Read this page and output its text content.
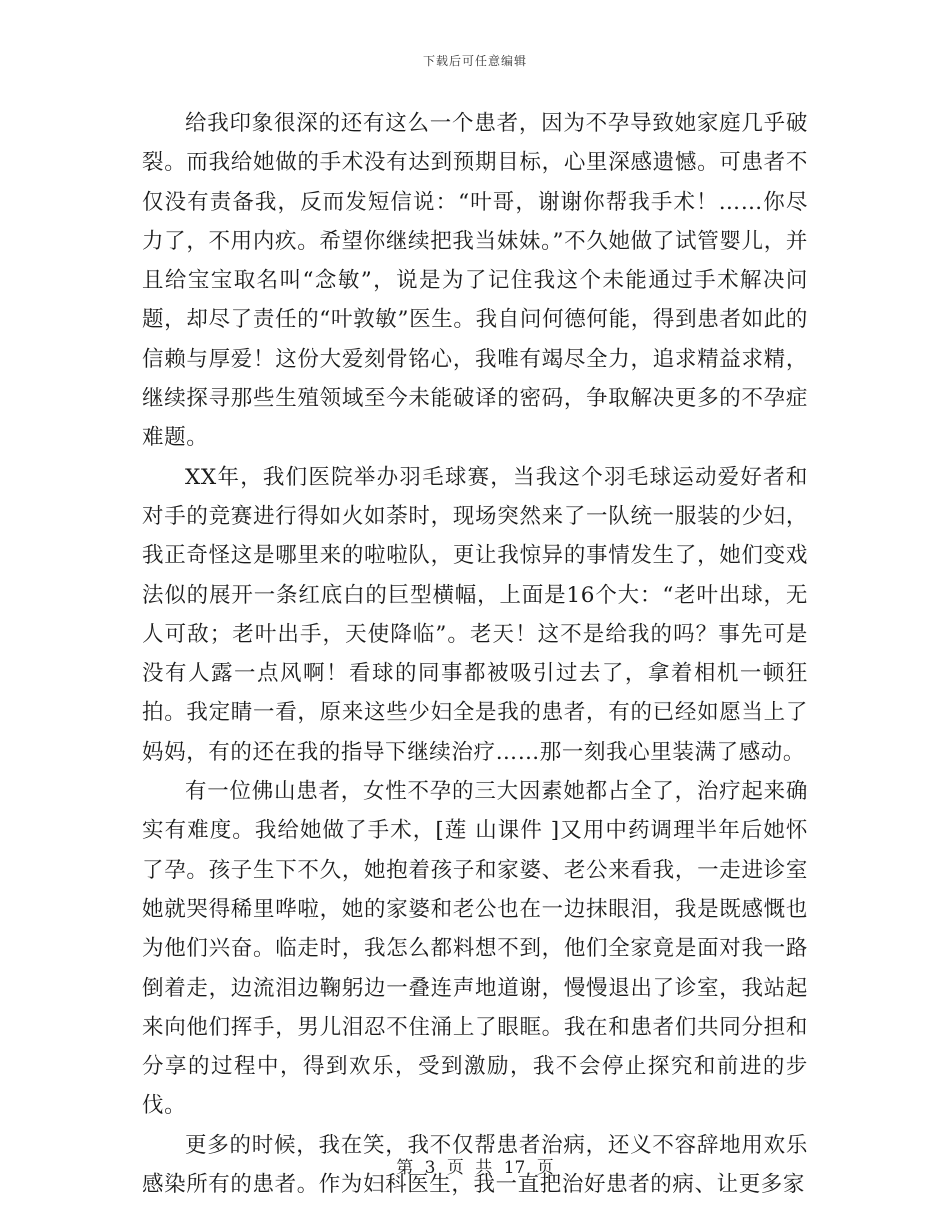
下载后可任意编辑

给我印象很深的还有这么一个患者，因为不孕导致她家庭几乎破裂。而我给她做的手术没有达到预期目标，心里深感遗憾。可患者不仅没有责备我，反而发短信说：“叶哥，谢谢你帮我手术！……你尽力了，不用内疚。希望你继续把我当妹妹。”不久她做了试管婴儿，并且给宝宝取名叫“念敏”，说是为了记住我这个未能通过手术解决问题，却尽了责任的“叶敦敏”医生。我自问何德何能，得到患者如此的信赖与厚爱！这份大爱刻骨铭心，我唯有竭尽全力，追求精益求精，继续探寻那些生殖领域至今未能破译的密码，争取解决更多的不孕症难题。

XX年，我们医院举办羽毛球赛，当我这个羽毛球运动爱好者和对手的竞赛进行得如火如荼时，现场突然来了一队统一服装的少妇，我正奇怪这是哪里来的啦啦队，更让我惊异的事情发生了，她们变戏法似的展开一条红底白的巨型横幅，上面是16个大：“老叶出球，无人可敌；老叶出手，天使降临”。老天！这不是给我的吗？事先可是没有人露一点风啊！看球的同事都被吸引过去了，拿着相机一顿狂拍。我定睛一看，原来这些少妇全是我的患者，有的已经如愿当上了妈妈，有的还在我的指导下继续治疗……那一刻我心里装满了感动。

有一位佛山患者，女性不孕的三大因素她都占全了，治疗起来确实有难度。我给她做了手术，[莲 山课件 ]又用中药调理半年后她怀了孕。孩子生下不久，她抱着孩子和家婆、老公来看我，一走进诊室她就哭得稀里哗啦，她的家婆和老公也在一边抹眼泪，我是既感慨也为他们兴奋。临走时，我怎么都料想不到，他们全家竟是面对我一路倒着走，边流泪边鞠躬边一叠连声地道谢，慢慢退出了诊室，我站起来向他们挥手，男儿泪忍不住涌上了眼眶。我在和患者们共同分担和分享的过程中，得到欢乐，受到激励，我不会停止探究和前进的步伐。

更多的时候，我在笑，我不仅帮患者治病，还义不容辞地用欢乐感染所有的患者。作为妇科医生，我一直把治好患者的病、让更多家

第 3 页 共 17 页
